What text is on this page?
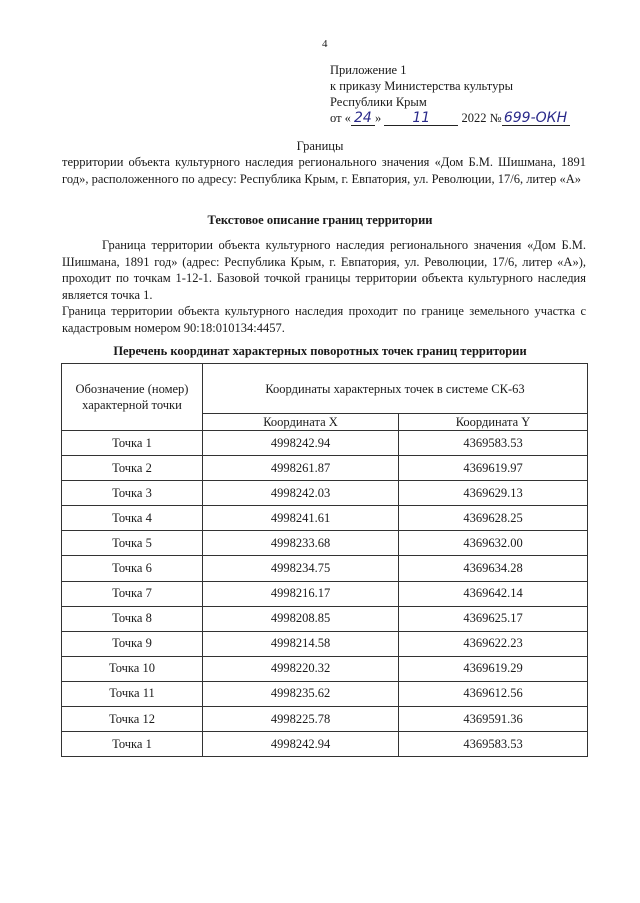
4
Приложение 1
к приказу Министерства культуры
Республики Крым
от « 24 » 11 2022 № 699-ОКН
Границы
территории объекта культурного наследия регионального значения «Дом Б.М. Шишмана, 1891 год», расположенного по адресу: Республика Крым, г. Евпатория, ул. Революции, 17/6, литер «А»
Текстовое описание границ территории

Граница территории объекта культурного наследия регионального значения «Дом Б.М. Шишмана, 1891 год» (адрес: Республика Крым, г. Евпатория, ул. Революции, 17/6, литер «А»), проходит по точкам 1-12-1. Базовой точкой границы территории объекта культурного наследия является точка 1.

Граница территории объекта культурного наследия проходит по границе земельного участка с кадастровым номером 90:18:010134:4457.

Перечень координат характерных поворотных точек границ территории
Обозначение (номер) характерной точки	Координаты характерных точек в системе СК-63	
	Координата X	Координата Y
Точка 1	4998242.94	4369583.53
Точка 2	4998261.87	4369619.97
Точка 3	4998242.03	4369629.13
Точка 4	4998241.61	4369628.25
Точка 5	4998233.68	4369632.00
Точка 6	4998234.75	4369634.28
Точка 7	4998216.17	4369642.14
Точка 8	4998208.85	4369625.17
Точка 9	4998214.58	4369622.23
Точка 10	4998220.32	4369619.29
Точка 11	4998235.62	4369612.56
Точка 12	4998225.78	4369591.36
Точка 1	4998242.94	4369583.53
